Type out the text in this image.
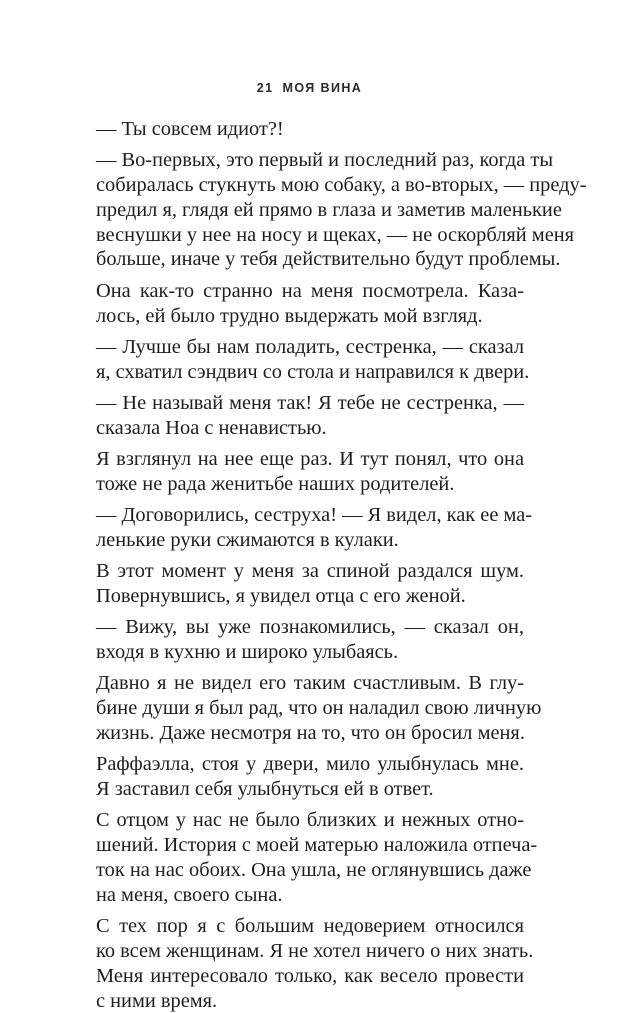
21 МОЯ ВИНА

— Ты совсем идиот?!

— Во-первых, это первый и последний раз, когда ты
собиралась стукнуть мою собаку, а во-вторых, — преду-
предил я, глядя ей прямо в глаза и заметив маленькие
веснушки у нее на носу и щеках, — не оскорбляй меня
больше, иначе у тебя действительно будут проблемы.

Она как-то странно на меня посмотрела. Каза-
лось, ей было трудно выдержать мой взгляд.

— Лучше бы нам поладить, сестренка, — сказал
я, схватил сэндвич со стола и направился к двери.

— Не называй меня так! Я тебе не сестренка, —
сказала Ноа с ненавистью.

Я взглянул на нее еще раз. И тут понял, что она
тоже не рада женитьбе наших родителей.

— Договорились, сеструха! — Я видел, как ее ма-
ленькие руки сжимаются в кулаки.

В этот момент у меня за спиной раздался шум.
Повернувшись, я увидел отца с его женой.

— Вижу, вы уже познакомились, — сказал он,
входя в кухню и широко улыбаясь.

Давно я не видел его таким счастливым. В глу-
бине души я был рад, что он наладил свою личную
жизнь. Даже несмотря на то, что он бросил меня.

Раффаэлла, стоя у двери, мило улыбнулась мне.
Я заставил себя улыбнуться ей в ответ.

С отцом у нас не было близких и нежных отно-
шений. История с моей матерью наложила отпеча-
ток на нас обоих. Она ушла, не оглянувшись даже
на меня, своего сына.

С тех пор я с большим недоверием относился
ко всем женщинам. Я не хотел ничего о них знать.
Меня интересовало только, как весело провести
с ними время.
